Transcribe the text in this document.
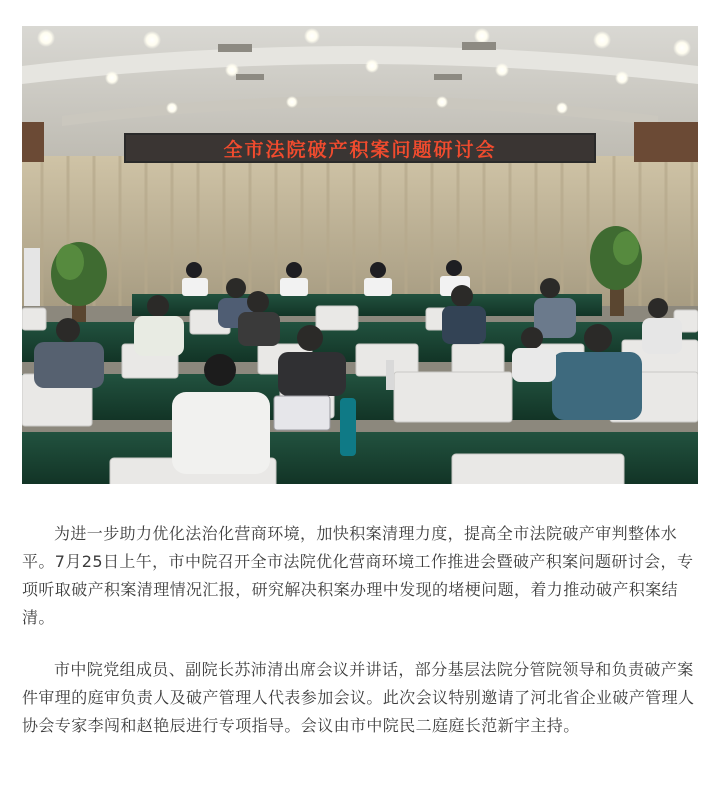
全市法院破产积案问题研讨会

为进一步助力优化法治化营商环境，加快积案清理力度，提高全市法院破产审判整体水平。7月25日上午，市中院召开全市法院优化营商环境工作推进会暨破产积案问题研讨会，专项听取破产积案清理情况汇报，研究解决积案办理中发现的堵梗问题，着力推动破产积案结清。

市中院党组成员、副院长苏沛清出席会议并讲话，部分基层法院分管院领导和负责破产案件审理的庭审负责人及破产管理人代表参加会议。此次会议特别邀请了河北省企业破产管理人协会专家李闯和赵艳辰进行专项指导。会议由市中院民二庭庭长范新宇主持。
